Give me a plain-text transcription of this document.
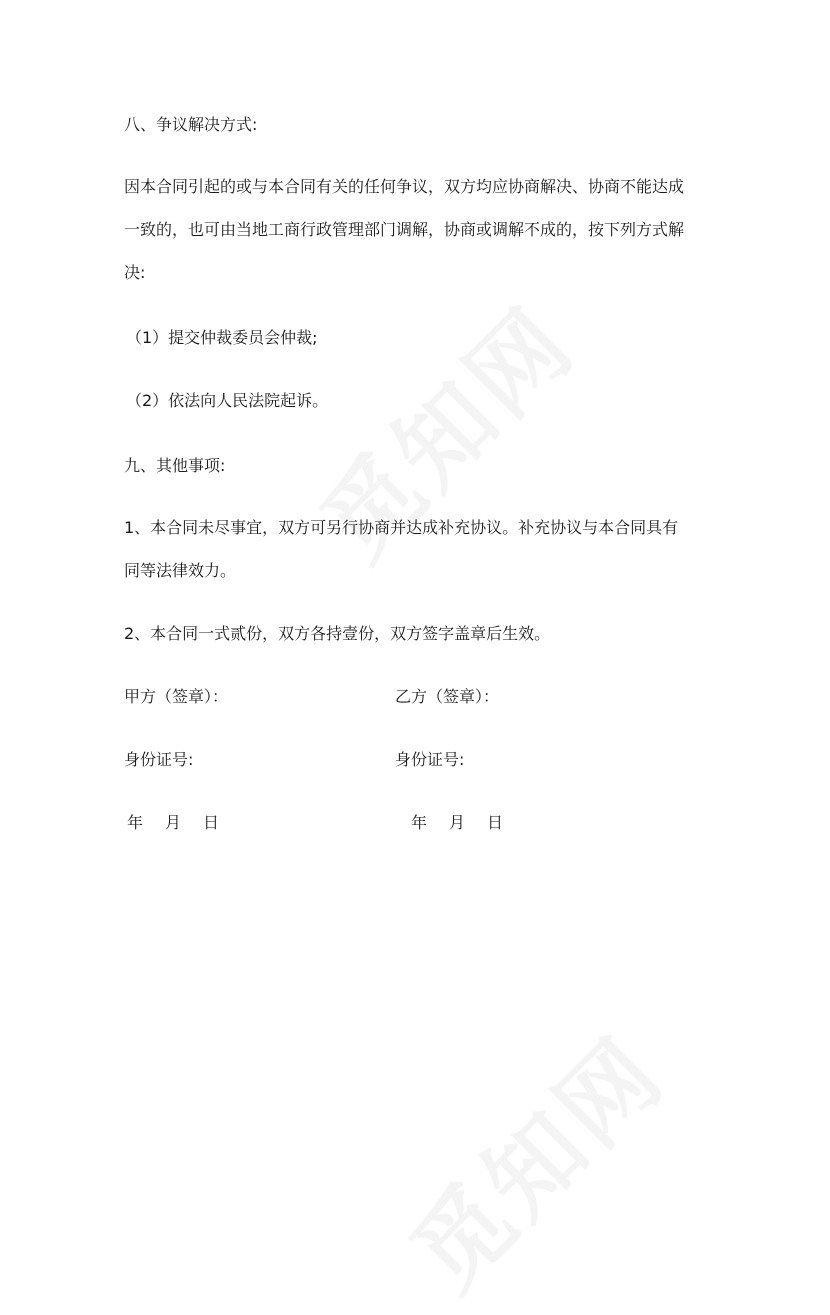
八、争议解决方式:
因本合同引起的或与本合同有关的任何争议，双方均应协商解决、协商不能达成
一致的，也可由当地工商行政管理部门调解，协商或调解不成的，按下列方式解
决:
（1）提交仲裁委员会仲裁;
（2）依法向人民法院起诉。
九、其他事项:
1、本合同未尽事宜，双方可另行协商并达成补充协议。补充协议与本合同具有
同等法律效力。
2、本合同一式贰份，双方各持壹份，双方签字盖章后生效。
甲方（签章）：	乙方（签章）：
身份证号:	身份证号:
年 月 日	年 月 日
